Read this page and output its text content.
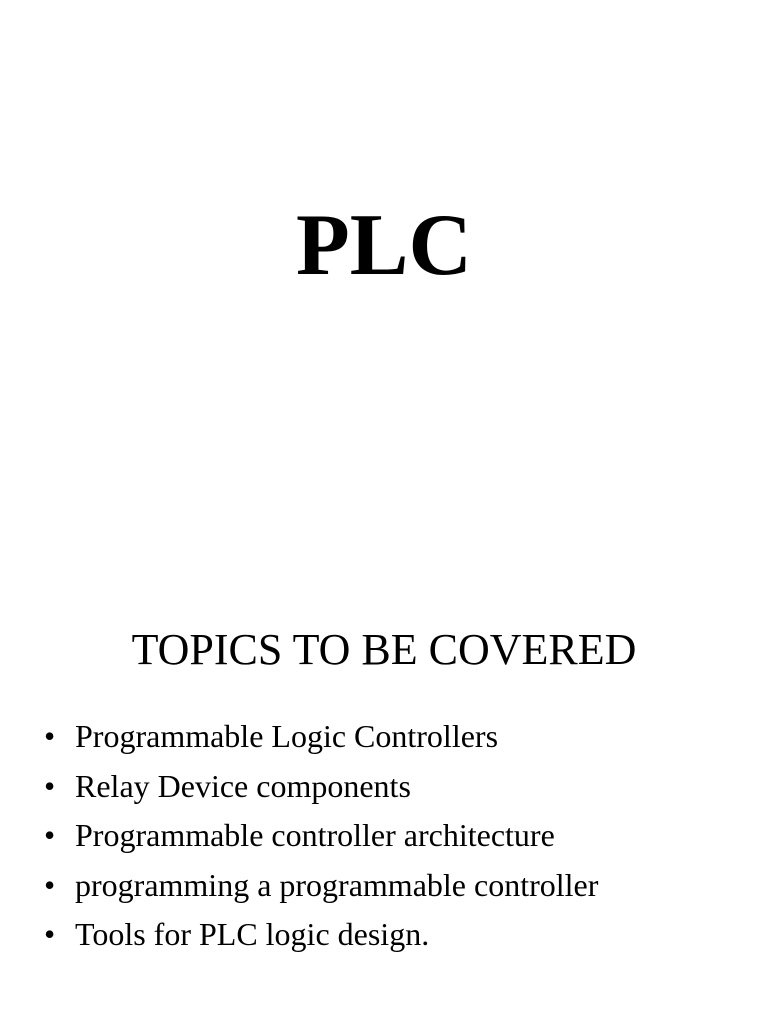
PLC
TOPICS TO BE COVERED
• Programmable Logic Controllers
• Relay Device components
• Programmable controller architecture
• programming a programmable controller
• Tools for PLC logic design.
